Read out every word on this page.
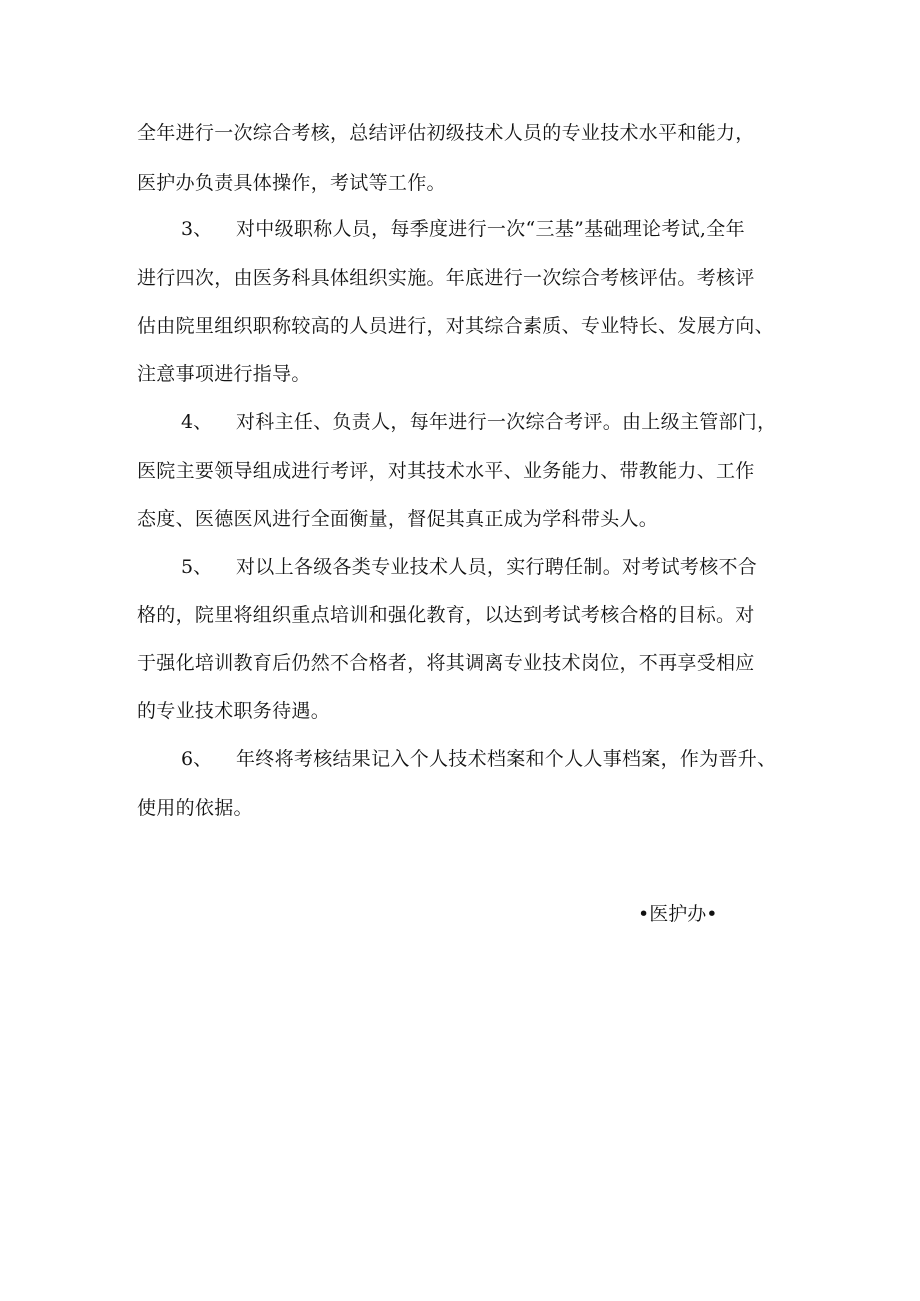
全年进行一次综合考核，总结评估初级技术人员的专业技术水平和能力，
医护办负责具体操作，考试等工作。
3、 对中级职称人员，每季度进行一次“三基”基础理论考试,全年
进行四次，由医务科具体组织实施。年底进行一次综合考核评估。考核评
估由院里组织职称较高的人员进行，对其综合素质、专业特长、发展方向、
注意事项进行指导。
4、 对科主任、负责人，每年进行一次综合考评。由上级主管部门，
医院主要领导组成进行考评，对其技术水平、业务能力、带教能力、工作
态度、医德医风进行全面衡量，督促其真正成为学科带头人。
5、 对以上各级各类专业技术人员，实行聘任制。对考试考核不合
格的，院里将组织重点培训和强化教育，以达到考试考核合格的目标。对
于强化培训教育后仍然不合格者，将其调离专业技术岗位，不再享受相应
的专业技术职务待遇。
6、 年终将考核结果记入个人技术档案和个人人事档案，作为晋升、
使用的依据。
•医护办•
